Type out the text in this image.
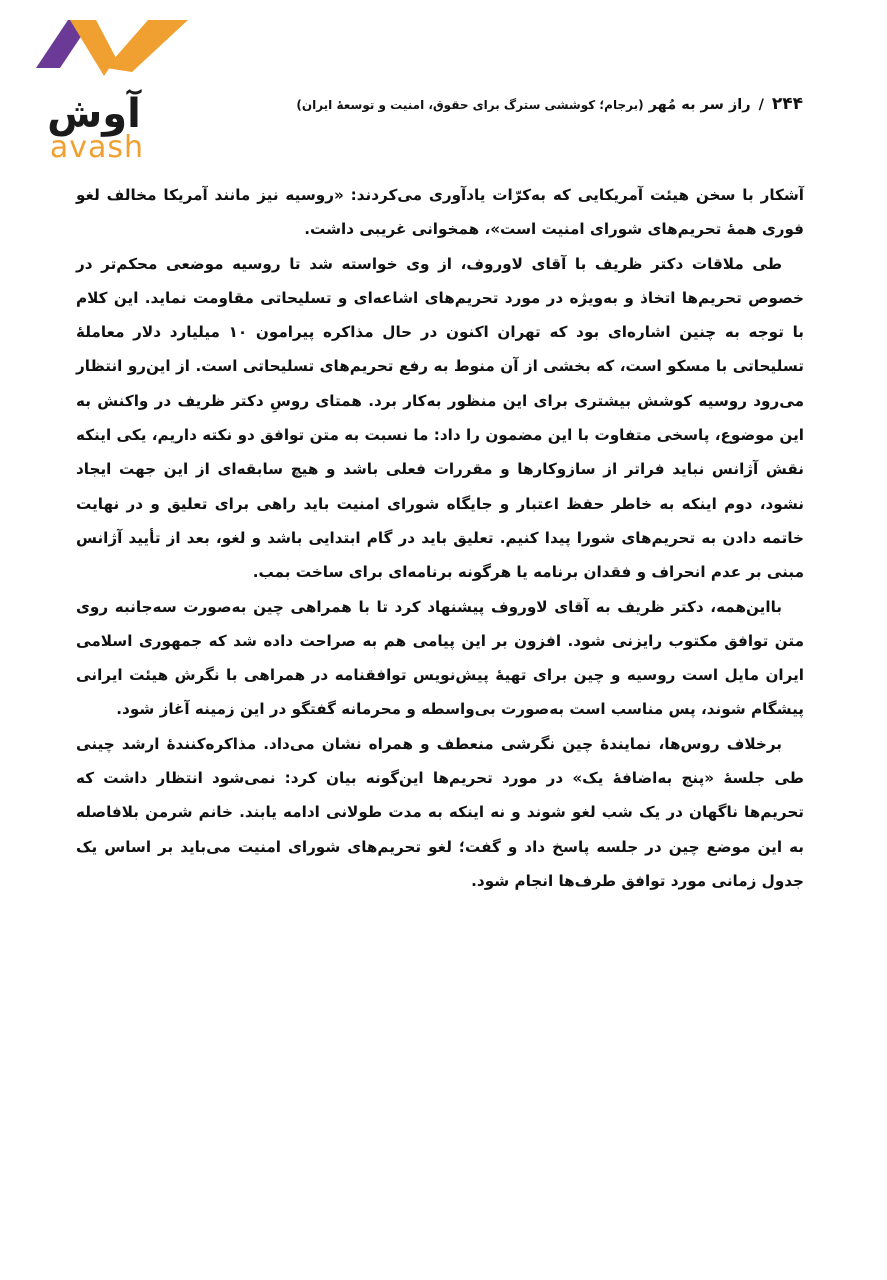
آوش
avash
۲۴۴/راز سر به مُهر (برجام؛ کوششی سترگ برای حقوق، امنیت و توسعهٔ ایران)

آشکار با سخن هیئت آمریکایی که به‌کرّات یادآوری می‌کردند: «روسیه نیز مانند آمریکا مخالف لغو فوری همهٔ تحریم‌های شورای امنیت است»، همخوانی غریبی داشت.

طی ملاقات دکتر ظریف با آقای لاوروف، از وی خواسته شد تا روسیه موضعی محکم‌تر در خصوص تحریم‌ها اتخاذ و به‌ویژه در مورد تحریم‌های اشاعه‌ای و تسلیحاتی مقاومت نماید. این کلام با توجه به چنین اشاره‌ای بود که تهران اکنون در حال مذاکره پیرامون ۱۰ میلیارد دلار معاملهٔ تسلیحاتی با مسکو است، که بخشی از آن منوط به رفع تحریم‌های تسلیحاتی است. از این‌رو انتظار می‌رود روسیه کوشش بیشتری برای این منظور به‌کار برد. همتای روسِ دکتر ظریف در واکنش به این موضوع، پاسخی متفاوت با این مضمون را داد: ما نسبت به متن توافق دو نکته داریم، یکی اینکه نقش آژانس نباید فراتر از سازوکارها و مقررات فعلی باشد و هیچ سابقه‌ای از این جهت ایجاد نشود، دوم اینکه به خاطر حفظ اعتبار و جایگاه شورای امنیت باید راهی برای تعلیق و در نهایت خاتمه دادن به تحریم‌های شورا پیدا کنیم. تعلیق باید در گام ابتدایی باشد و لغو، بعد از تأیید آژانس مبنی بر عدم انحراف و فقدان برنامه یا هرگونه برنامه‌ای برای ساخت بمب.

بااین‌همه، دکتر ظریف به آقای لاوروف پیشنهاد کرد تا با همراهی چین به‌صورت سه‌جانبه روی متن توافق مکتوب رایزنی شود. افزون بر این پیامی هم به صراحت داده شد که جمهوری اسلامی ایران مایل است روسیه و چین برای تهیهٔ پیش‌نویس توافقنامه در همراهی با نگرش هیئت ایرانی پیشگام شوند، پس مناسب است به‌صورت بی‌واسطه و محرمانه گفتگو در این زمینه آغاز شود.

برخلاف روس‌ها، نمایندهٔ چین نگرشی منعطف و همراه نشان می‌داد. مذاکره‌کنندهٔ ارشد چینی طی جلسهٔ «پنج به‌اضافهٔ یک» در مورد تحریم‌ها این‌گونه بیان کرد: نمی‌شود انتظار داشت که تحریم‌ها ناگهان در یک شب لغو شوند و نه اینکه به مدت طولانی ادامه یابند. خانم شرمن بلافاصله به این موضع چین در جلسه پاسخ داد و گفت؛ لغو تحریم‌های شورای امنیت می‌باید بر اساس یک جدول زمانی مورد توافق طرف‌ها انجام شود.
